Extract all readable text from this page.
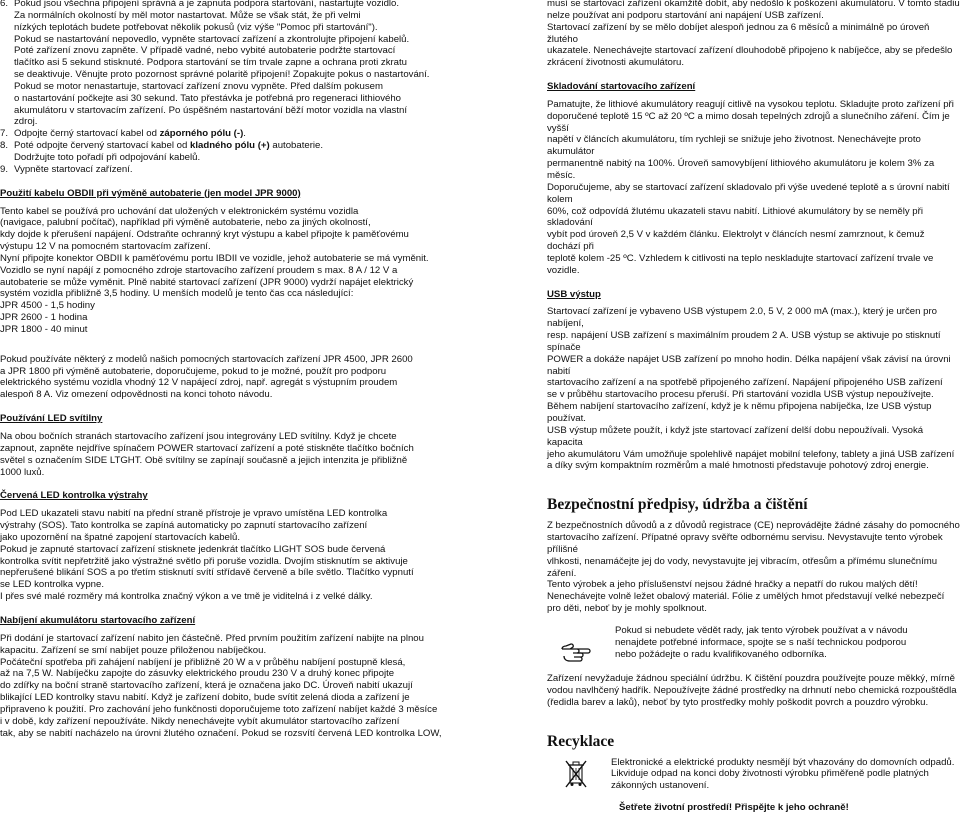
6. Pokud jsou všechna připojení správná a je zapnuta podpora startování, nastartujte vozidlo.

Za normálních okolností by měl motor nastartovat. Může se však stát, že při velmi

nízkých teplotách budete potřebovat několik pokusů (viz výše "Pomoc při startování").

Pokud se nastartování nepovedlo, vypněte startovací zařízení a zkontrolujte připojení kabelů.

Poté zařízení znovu zapněte. V případě vadné, nebo vybité autobaterie podržte startovací

tlačítko asi 5 sekund stisknuté. Podpora startování se tím trvale zapne a ochrana proti zkratu

se deaktivuje. Věnujte proto pozornost správné polaritě připojení! Zopakujte pokus o nastartování.

Pokud se motor nenastartuje, startovací zařízení znovu vypněte. Před dalším pokusem

o nastartování počkejte asi 30 sekund. Tato přestávka je potřebná pro regeneraci lithiového

akumulátoru v startovacím zařízení. Po úspěšném nastartování běží motor vozidla na vlastní

zdroj.

7. Odpojte černý startovací kabel od záporného pólu (-).

8. Poté odpojte červený startovací kabel od kladného pólu (+) autobaterie.

Dodržujte toto pořadí při odpojování kabelů.

9. Vypněte startovací zařízení.

Použití kabelu OBDII při výměně autobaterie (jen model JPR 9000)

Tento kabel se používá pro uchování dat uložených v elektronickém systému vozidla

(navigace, palubní počítač), například při výměně autobaterie, nebo za jiných okolností,

kdy dojde k přerušení napájení. Odstraňte ochranný kryt výstupu a kabel připojte k paměťovému

výstupu 12 V na pomocném startovacím zařízení.

Nyní připojte konektor OBDII k paměťovému portu IBDII ve vozidle, jehož autobaterie se má vyměnit.

Vozidlo se nyní napájí z pomocného zdroje startovacího zařízení proudem s max. 8 A / 12 V a

autobaterie se může vyměnit. Plně nabité startovací zařízení (JPR 9000) vydrží napájet elektrický

systém vozidla přibližně 3,5 hodiny. U menších modelů je tento čas cca následující:

JPR 4500 - 1,5 hodiny

JPR 2600 - 1 hodina

JPR 1800 - 40 minut

Pokud používáte některý z modelů našich pomocných startovacích zařízení JPR 4500, JPR 2600

a JPR 1800 při výměně autobaterie, doporučujeme, pokud to je možné, použít pro podporu

elektrického systému vozidla vhodný 12 V napájecí zdroj, např. agregát s výstupním proudem

alespoň 8 A. Viz omezení odpovědnosti na konci tohoto návodu.

Používání LED svítilny

Na obou bočních stranách startovacího zařízení jsou integrovány LED svítilny. Když je chcete

zapnout, zapněte nejdříve spínačem POWER startovací zařízení a poté stiskněte tlačítko bočních

světel s označením SIDE LTGHT. Obě svítilny se zapínají současně a jejich intenzita je přibližně

1000 luxů.

Červená LED kontrolka výstrahy

Pod LED ukazateli stavu nabití na přední straně přístroje je vpravo umístěna LED kontrolka

výstrahy (SOS). Tato kontrolka se zapíná automaticky po zapnutí startovacího zařízení

jako upozornění na špatné zapojení startovacích kabelů.

Pokud je zapnuté startovací zařízení stisknete jedenkrát tlačítko LIGHT SOS bude červená

kontrolka svítit nepřetržitě jako výstražné světlo při poruše vozidla. Dvojím stisknutím se aktivuje

nepřerušené blikání SOS a po třetím stisknutí svítí střídavě červeně a bíle světlo. Tlačítko vypnutí

se LED kontrolka vypne.

I přes své malé rozměry má kontrolka značný výkon a ve tmě je viditelná i z velké dálky.

Nabíjení akumulátoru startovacího zařízení

Při dodání je startovací zařízení nabito jen částečně. Před prvním použitím zařízení nabijte na plnou

kapacitu. Zařízení se smí nabíjet pouze přiloženou nabíječkou.

Počáteční spotřeba při zahájení nabíjení je přibližně 20 W a v průběhu nabíjení postupně klesá,

až na 7,5 W. Nabíječku zapojte do zásuvky elektrického proudu 230 V a druhý konec připojte

do zdířky na boční straně startovacího zařízení, která je označena jako DC. Úroveň nabití ukazují

blikající LED kontrolky stavu nabití. Když je zařízení dobito, bude svítit zelená dioda a zařízení je

připraveno k použití. Pro zachování jeho funkčnosti doporučujeme toto zařízení nabíjet každé 3 měsíce

i v době, kdy zařízení nepoužíváte. Nikdy nenechávejte vybít akumulátor startovacího zařízení

tak, aby se nabití nacházelo na úrovni žlutého označení. Pokud se rozsvítí červená LED kontrolka LOW,

musí se startovací zařízení okamžitě dobít, aby nedošlo k poškození akumulátoru. V tomto stadiu

nelze používat ani podporu startování ani napájení USB zařízení.

Startovací zařízení by se mělo dobíjet alespoň jednou za 6 měsíců a minimálně po úroveň žlutého

ukazatele. Nenechávejte startovací zařízení dlouhodobě připojeno k nabíječce, aby se předešlo

zkrácení životnosti akumulátoru.

Skladování startovacího zařízení

Pamatujte, že lithiové akumulátory reagují citlivě na vysokou teplotu. Skladujte proto zařízení při

doporučené teplotě 15 ºC až 20 ºC a mimo dosah tepelných zdrojů a slunečního záření. Čím je vyšší

napětí v článcích akumulátoru, tím rychleji se snižuje jeho životnost. Nenechávejte proto akumulátor

permanentně nabitý na 100%. Úroveň samovybíjení lithiového akumulátoru je kolem 3% za měsíc.

Doporučujeme, aby se startovací zařízení skladovalo při výše uvedené teplotě a s úrovní nabití kolem

60%, což odpovídá žlutému ukazateli stavu nabití. Lithiové akumulátory by se neměly při skladování

vybít pod úroveň 2,5 V v každém článku. Elektrolyt v článcích nesmí zamrznout, k čemuž dochází při

teplotě kolem -25 ºC. Vzhledem k citlivosti na teplo neskladujte startovací zařízení trvale ve vozidle.

USB výstup

Startovací zařízení je vybaveno USB výstupem 2.0, 5 V, 2 000 mA (max.), který je určen pro nabíjení,

resp. napájení USB zařízení s maximálním proudem 2 A. USB výstup se aktivuje po stisknutí spínače

POWER a dokáže napájet USB zařízení po mnoho hodin. Délka napájení však závisí na úrovni nabití

startovacího zařízení a na spotřebě připojeného zařízení. Napájení připojeného USB zařízení

se v průběhu startovacího procesu přeruší. Při startování vozidla USB výstup nepoužívejte.

Během nabíjení startovacího zařízení, když je k němu připojena nabíječka, lze USB výstup používat.

USB výstup můžete použít, i když jste startovací zařízení delší dobu nepoužívali. Vysoká kapacita

jeho akumulátoru Vám umožňuje spolehlivě napájet mobilní telefony, tablety a jiná USB zařízení

a díky svým kompaktním rozměrům a malé hmotnosti představuje pohotový zdroj energie.

Bezpečnostní předpisy, údržba a čištění

Z bezpečnostních důvodů a z důvodů registrace (CE) neprovádějte žádné zásahy do pomocného

startovacího zařízení. Přípatné opravy svěřte odbornému servisu. Nevystavujte tento výrobek přílišné

vlhkosti, nenamáčejte jej do vody, nevystavujte jej vibracím, otřesům a přímému slunečnímu záření.

Tento výrobek a jeho příslušenství nejsou žádné hračky a nepatří do rukou malých dětí!

Nenechávejte volně ležet obalový materiál. Fólie z umělých hmot představují velké nebezpečí

pro děti, neboť by je mohly spolknout.

Pokud si nebudete vědět rady, jak tento výrobek používat a v návodu

nenajdete potřebné informace, spojte se s naší technickou podporou

nebo požádejte o radu kvalifikovaného odborníka.

Zařízení nevyžaduje žádnou speciální údržbu. K čištění pouzdra používejte pouze měkký, mírně

vodou navlhčený hadřík. Nepoužívejte žádné prostředky na drhnutí nebo chemická rozpouštědla

(ředidla barev a laků), neboť by tyto prostředky mohly poškodit povrch a pouzdro výrobku.

Recyklace

Elektronické a elektrické produkty nesmějí být vhazovány do domovních odpadů.

Likviduje odpad na konci doby životnosti výrobku přiměřeně podle platných

zákonných ustanovení.

Šetřete životní prostředí! Přispějte k jeho ochraně!
